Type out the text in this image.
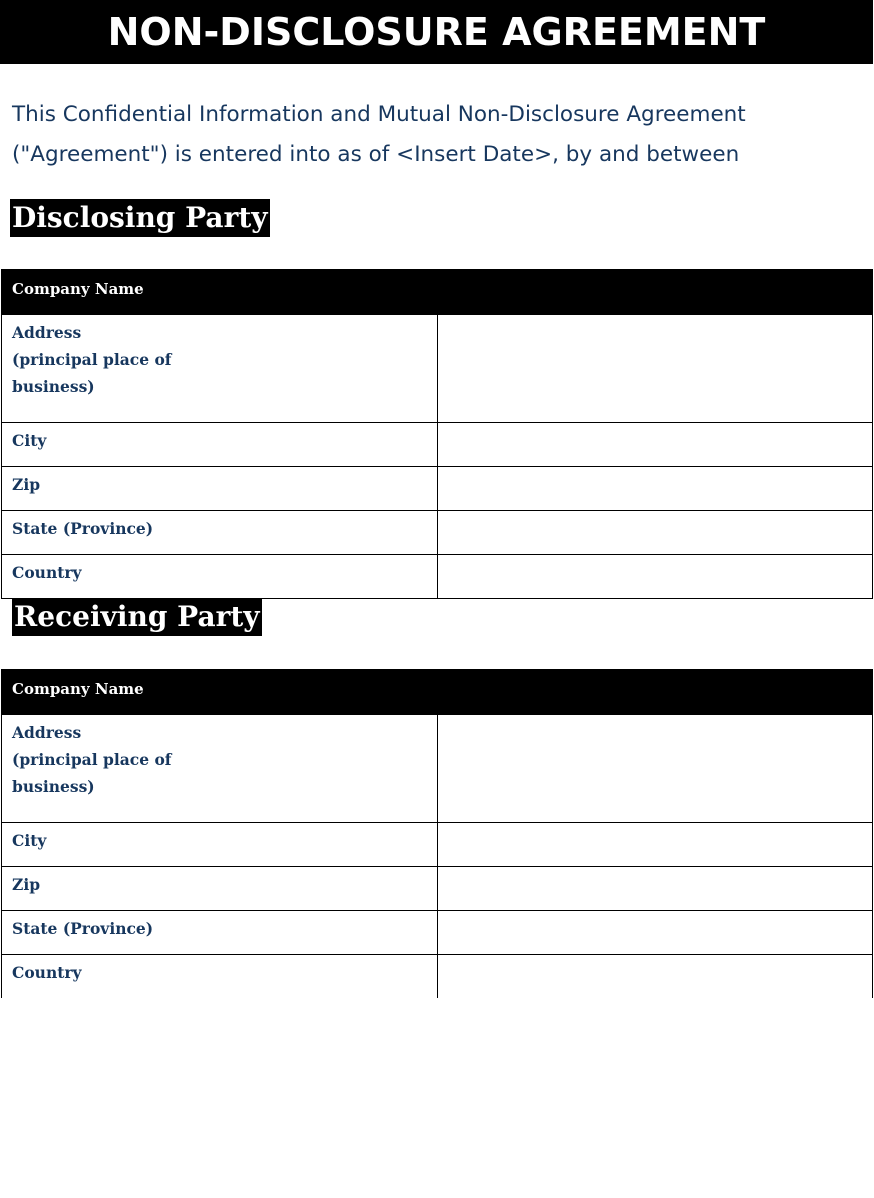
NON-DISCLOSURE AGREEMENT
This Confidential Information and Mutual Non-Disclosure Agreement
("Agreement") is entered into as of <Insert Date>, by and between
Disclosing Party
Company Name	

Address
(principal place of
business)	

City	

Zip	

State (Province)	

Country	

Receiving Party
Company Name	

Address
(principal place of
business)	

City	

Zip	

State (Province)	

Country	
